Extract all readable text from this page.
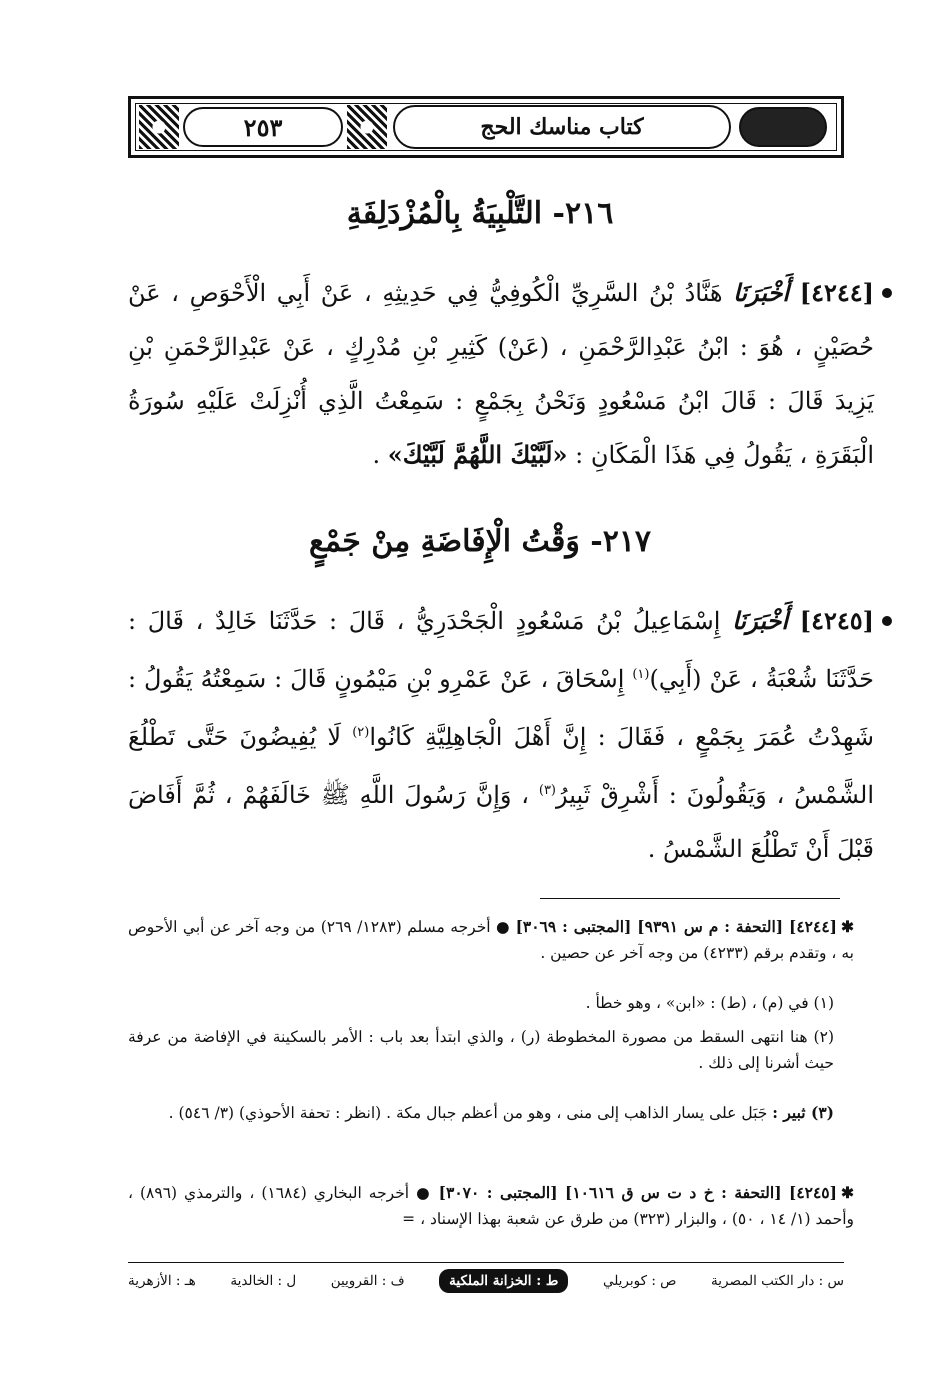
٢٥٣	كتاب مناسك الحج
٢١٦- التَّلْبِيَةُ بِالْمُزْدَلِفَةِ
[٤٢٤٤] أَخْبَرَنَا هَنَّادُ بْنُ السَّرِيِّ الْكُوفِيُّ فِي حَدِيثِهِ ، عَنْ أَبِي الْأَحْوَصِ ، عَنْ حُصَيْنٍ ، هُوَ : ابْنُ عَبْدِالرَّحْمَنِ ، (عَنْ) كَثِيرِ بْنِ مُدْرِكٍ ، عَنْ عَبْدِالرَّحْمَنِ بْنِ يَزِيدَ قَالَ : قَالَ ابْنُ مَسْعُودٍ وَنَحْنُ بِجَمْعٍ : سَمِعْتُ الَّذِي أُنْزِلَتْ عَلَيْهِ سُورَةُ الْبَقَرَةِ ، يَقُولُ فِي هَذَا الْمَكَانِ : «لَبَّيْكَ اللَّهُمَّ لَبَّيْكَ» .
٢١٧- وَقْتُ الْإِفَاضَةِ مِنْ جَمْعٍ
[٤٢٤٥] أَخْبَرَنَا إِسْمَاعِيلُ بْنُ مَسْعُودٍ الْجَحْدَرِيُّ ، قَالَ : حَدَّثَنَا خَالِدٌ ، قَالَ : حَدَّثَنَا شُعْبَةُ ، عَنْ (أَبِي)$^{(١)}$ إِسْحَاقَ ، عَنْ عَمْرِو بْنِ مَيْمُونٍ قَالَ : سَمِعْتُهُ يَقُولُ : شَهِدْتُ عُمَرَ بِجَمْعٍ ، فَقَالَ : إِنَّ أَهْلَ الْجَاهِلِيَّةِ كَانُوا$^{(٢)}$ لَا يُفِيضُونَ حَتَّى تَطْلُعَ الشَّمْسُ ، وَيَقُولُونَ : أَشْرِقْ ثَبِيرُ$^{(٣)}$ ، وَإِنَّ رَسُولَ اللَّهِ ﷺ خَالَفَهُمْ ، ثُمَّ أَفَاضَ قَبْلَ أَنْ تَطْلُعَ الشَّمْسُ .
✱[٤٢٤٤] [التحفة : م س ٩٣٩١] [المجتبى : ٣٠٦٩] ● أخرجه مسلم (١٢٨٣/ ٢٦٩) من وجه آخر عن أبي الأحوص به ، وتقدم برقم (٤٢٣٣) من وجه آخر عن حصين .
(١) في (م) ، (ط) : «ابن» ، وهو خطأ .
(٢) هنا انتهى السقط من مصورة المخطوطة (ر) ، والذي ابتدأ بعد باب : الأمر بالسكينة في الإفاضة من عرفة حيث أشرنا إلى ذلك .
(٣) ثبير : جَبَل على يسار الذاهب إلى منى ، وهو من أعظم جبال مكة . (انظر : تحفة الأحوذي) (٣/ ٥٤٦) .
✱[٤٢٤٥] [التحفة : خ د ت س ق ١٠٦١٦] [المجتبى : ٣٠٧٠] ● أخرجه البخاري (١٦٨٤) ، والترمذي (٨٩٦) ، وأحمد (١/ ١٤ ، ٥٠) ، والبزار (٣٢٣) من طرق عن شعبة بهذا الإسناد ، =
س : دار الكتب المصرية
ص : كوبريلي
ط : الخزانة الملكية
ف : القرويين
ل : الخالدية
هـ : الأزهرية
